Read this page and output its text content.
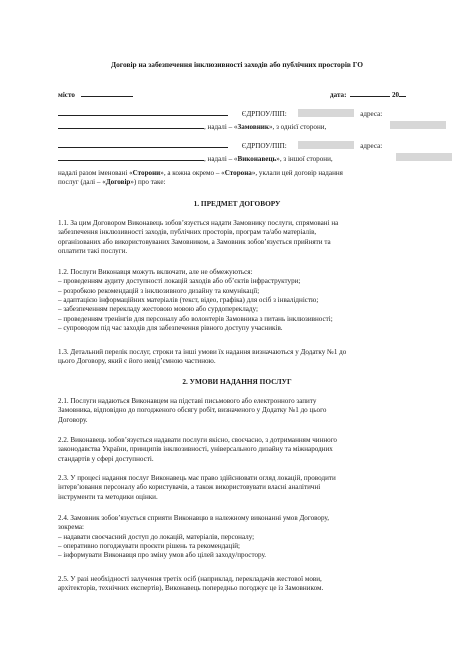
Договір на забезпечення інклюзивності заходів або публічних просторів ГО
місто	дата:	20
ЄДРПОУ/ПІП:	адреса:
, надалі – «Замовник», з однієї сторони,
ЄДРПОУ/ПІП:	адреса:
, надалі – «Виконавець», з іншої сторони,
надалі разом іменовані «Сторони», а кожна окремо – «Сторона», уклали цей договір надання
послуг (далі – «Договір») про таке:
1. ПРЕДМЕТ ДОГОВОРУ
1.1. За цим Договором Виконавець зобов’язується надати Замовнику послуги, спрямовані на
забезпечення інклюзивності заходів, публічних просторів, програм та/або матеріалів,
організованих або використовуваних Замовником, а Замовник зобов’язується прийняти та
оплатити такі послуги.
1.2. Послуги Виконавця можуть включати, але не обмежуються:
– проведенням аудиту доступності локацій заходів або об’єктів інфраструктури;
– розробкою рекомендацій з інклюзивного дизайну та комунікації;
– адаптацією інформаційних матеріалів (текст, відео, графіка) для осіб з інвалідністю;
– забезпеченням перекладу жестовою мовою або сурдоперекладу;
– проведенням тренінгів для персоналу або волонтерів Замовника з питань інклюзивності;
– супроводом під час заходів для забезпечення рівного доступу учасників.
1.3. Детальний перелік послуг, строки та інші умови їх надання визначаються у Додатку №1 до
цього Договору, який є його невід’ємною частиною.
2. УМОВИ НАДАННЯ ПОСЛУГ
2.1. Послуги надаються Виконавцем на підставі письмового або електронного запиту
Замовника, відповідно до погодженого обсягу робіт, визначеного у Додатку №1 до цього
Договору.
2.2. Виконавець зобов’язується надавати послуги якісно, своєчасно, з дотриманням чинного
законодавства України, принципів інклюзивності, універсального дизайну та міжнародних
стандартів у сфері доступності.
2.3. У процесі надання послуг Виконавець має право здійснювати огляд локацій, проводити
інтерв’ювання персоналу або користувачів, а також використовувати власні аналітичні
інструменти та методики оцінки.
2.4. Замовник зобов’язується сприяти Виконавцю в належному виконанні умов Договору,
зокрема:
– надавати своєчасний доступ до локацій, матеріалів, персоналу;
– оперативно погоджувати проєкти рішень та рекомендацій;
– інформувати Виконавця про зміну умов або цілей заходу/простору.
2.5. У разі необхідності залучення третіх осіб (наприклад, перекладачів жестової мови,
архітекторів, технічних експертів), Виконавець попередньо погоджує це із Замовником.
